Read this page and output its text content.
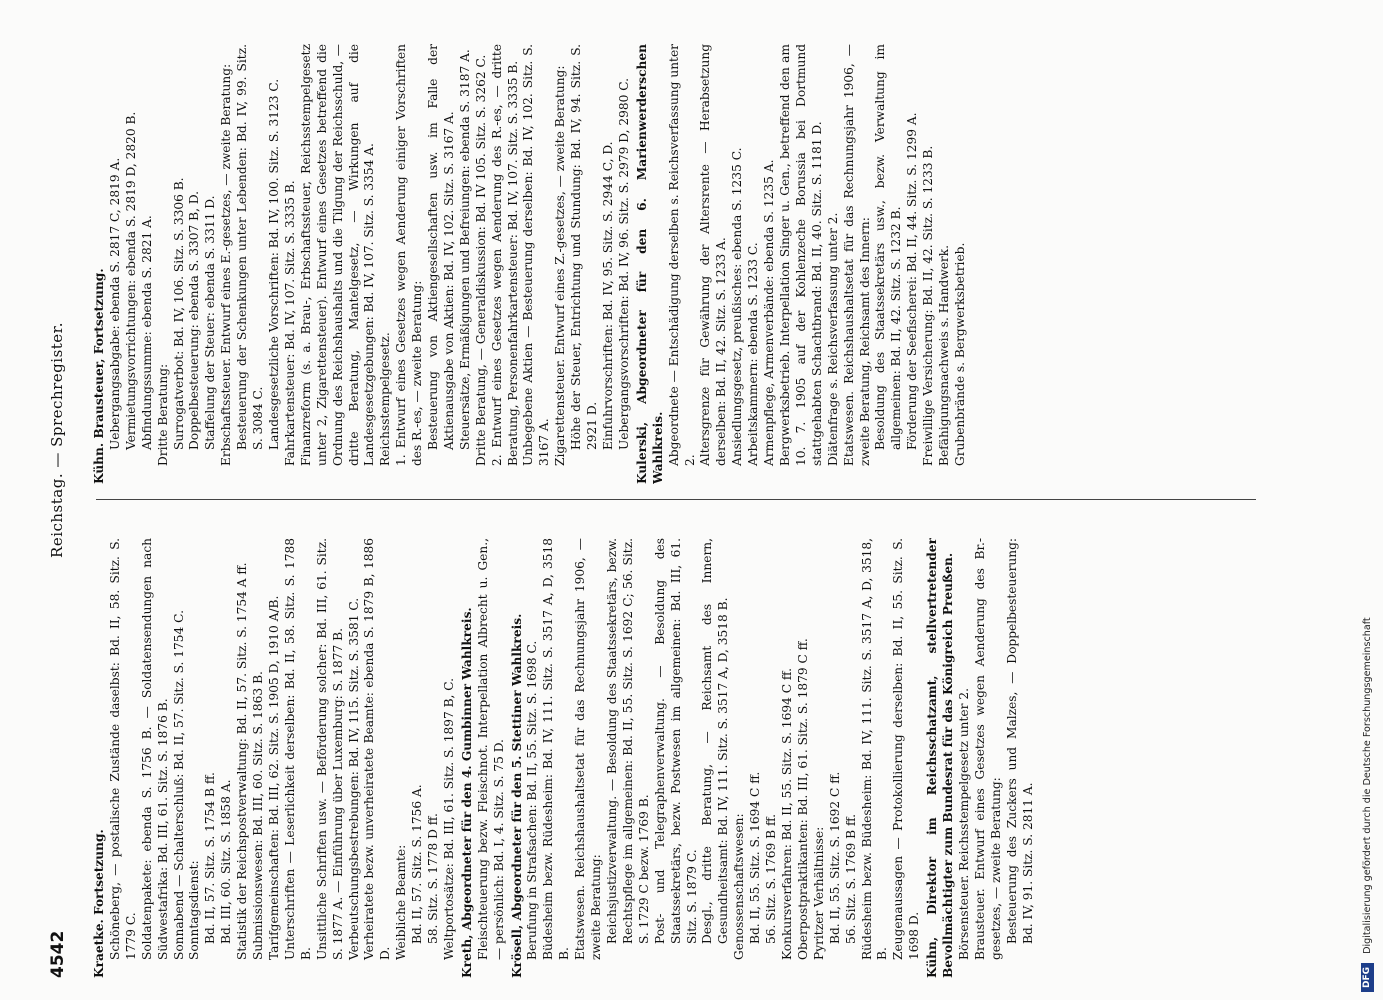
4542
Reichstag. — Sprechregister.

Kraetke. Fortsetzung. Schöneberg, — postalische Zustände daselbst: Bd. II, 58. Sitz. S. 1779 C. Soldatenpakete: ebenda S. 1756 B. — Soldatensendungen nach Südwestafrika: Bd. III, 61. Sitz. S. 1876 B. Sonnabend — Schalterschluß: Bd. II, 57. Sitz. S. 1754 C. Sonntagsdienst: Bd. II, 57. Sitz. S. 1754 B ff. Bd. III, 60. Sitz. S. 1858 A. Statistik der Reichspostverwaltung: Bd. II, 57. Sitz. S. 1754 A ff. Submissionswesen: Bd. III, 60. Sitz. S. 1863 B. Tarifgemeinschaften: Bd. III, 62. Sitz. S. 1905 D, 1910 A/B. Unterschriften — Leserlichkeit derselben: Bd. II, 58. Sitz. S. 1788 B. Unsittliche Schriften usw. — Beförderung solcher: Bd. III, 61. Sitz. S. 1877 A. — Einführung über Luxemburg: S. 1877 B. Verbeutschungsbestrebungen: Bd. IV, 115. Sitz. S. 3581 C. Verheiratete bezw. unverheiratete Beamte: ebenda S. 1879 B, 1886 D. Weibliche Beamte: Bd. II, 57. Sitz. S. 1756 A. 58. Sitz. S. 1778 D ff. Weltportosätze: Bd. III, 61. Sitz. S. 1897 B, C. Kreth, Abgeordneter für den 4. Gumbinner Wahlkreis. Fleischteuerung bezw. Fleischnot. Interpellation Albrecht u. Gen., — persönlich: Bd. I, 4. Sitz. S. 75 D. Krösell, Abgeordneter für den 5. Stettiner Wahlkreis. Berufung in Strafsachen: Bd. II, 55. Sitz. S. 1698 C. Büdesheim bezw. Rüdesheim: Bd. IV, 111. Sitz. S. 3517 A, D, 3518 B. Etatswesen. Reichshaushaltsetat für das Rechnungsjahr 1906, — zweite Beratung: Reichsjustizverwaltung. — Besoldung des Staatssekretärs, bezw. Rechtspflege im allgemeinen: Bd. II, 55. Sitz. S. 1692 C; 56. Sitz. S. 1729 C bezw. 1769 B. Post- und Telegraphenverwaltung. — Besoldung des Staatssekretärs, bezw. Postwesen im allgemeinen: Bd. III, 61. Sitz. S. 1879 C. Desgl., dritte Beratung, — Reichsamt des Innern, Gesundheitsamt: Bd. IV, 111. Sitz. S. 3517 A, D, 3518 B. Genossenschaftswesen: Bd. II, 55. Sitz. S. 1694 C ff. 56. Sitz. S. 1769 B ff. Konkursverfahren: Bd. II, 55. Sitz. S. 1694 C ff. Oberpostpraktikanten: Bd. III, 61. Sitz. S. 1879 C ff. Pyritzer Verhältnisse: Bd. II, 55. Sitz. S. 1692 C ff. 56. Sitz. S. 1769 B ff. Rüdesheim bezw. Büdesheim: Bd. IV, 111. Sitz. S. 3517 A, D, 3518, B. Zeugenaussagen — Protokollierung derselben: Bd. II, 55. Sitz. S. 1698 D. Kühn, Direktor im Reichsschatzamt, stellvertretender Bevollmächtigter zum Bundesrat für das Königreich Preußen. Börsensteuer. Reichsstempelgesetz unter 2. Brausteuer. Entwurf eines Gesetzes wegen Aenderung des Br.-gesetzes, — zweite Beratung: Besteuerung des Zuckers und Malzes, — Doppelbesteuerung: Bd. IV, 91. Sitz. S. 2811 A.

Kühn. Brausteuer, Fortsetzung. Uebergangsabgabe: ebenda S. 2817 C, 2819 A. Vermietungsvorrichtungen: ebenda S. 2819 D, 2820 B. Abfindungssumme: ebenda S. 2821 A. Dritte Beratung: Surrogatverbot: Bd. IV, 106. Sitz. S. 3306 B. Doppelbesteuerung: ebenda S. 3307 B, D. Staffelung der Steuer: ebenda S. 3311 D. Erbschaftssteuer. Entwurf eines E.-gesetzes, — zweite Beratung: Besteuerung der Schenkungen unter Lebenden: Bd. IV, 99. Sitz. S. 3084 C. Landesgesetzliche Vorschriften: Bd. IV, 100. Sitz. S. 3123 C. Fahrkartensteuer: Bd. IV, 107. Sitz. S. 3335 B. Finanzreform (s. a. Brau-, Erbschaftssteuer, Reichsstempelgesetz unter 2, Zigarettensteuer). Entwurf eines Gesetzes betreffend die Ordnung des Reichshaushalts und die Tilgung der Reichsschuld, — dritte Beratung, Mantelgesetz, — Wirkungen auf die Landesgesetzgebungen: Bd. IV, 107. Sitz. S. 3354 A. Reichsstempelgesetz. 1. Entwurf eines Gesetzes wegen Aenderung einiger Vorschriften des R.-es, — zweite Beratung: Besteuerung von Aktiengesellschaften usw. im Falle der Aktienausgabe von Aktien: Bd. IV, 102. Sitz. S. 3167 A. Steuersätze, Ermäßigungen und Befreiungen: ebenda S. 3187 A. Dritte Beratung, — Generaldiskussion: Bd. IV 105. Sitz. S. 3262 C. 2. Entwurf eines Gesetzes wegen Aenderung des R.-es, — dritte Beratung, Personenfahrkartensteuer: Bd. IV, 107. Sitz. S. 3335 B. Unbegebene Aktien — Besteuerung derselben: Bd. IV, 102. Sitz. S. 3167 A. Zigarettensteuer. Entwurf eines Z.-gesetzes, — zweite Beratung: Höhe der Steuer, Entrichtung und Stundung: Bd. IV, 94. Sitz. S. 2921 D. Einfuhrvorschriften: Bd. IV, 95. Sitz. S. 2944 C, D. Uebergangsvorschriften: Bd. IV, 96. Sitz. S. 2979 D, 2980 C. Kulerski, Abgeordneter für den 6. Marienwerderschen Wahlkreis. Abgeordnete — Entschädigung derselben s. Reichsverfassung unter 2. Altersgrenze für Gewährung der Altersrente — Herabsetzung derselben: Bd. II, 42. Sitz. S. 1233 A. Ansiedlungsgesetz, preußisches: ebenda S. 1235 C. Arbeitskammern: ebenda S. 1233 C. Armenpflege, Armenverbände: ebenda S. 1235 A. Bergwerksbetrieb. Interpellation Singer u. Gen., betreffend den am 10. 7. 1905 auf der Kohlenzeche Borussia bei Dortmund stattgehabten Schachtbrand: Bd. II, 40. Sitz. S. 1181 D. Diätenfrage s. Reichsverfassung unter 2. Etatswesen. Reichshaushaltsetat für das Rechnungsjahr 1906, — zweite Beratung, Reichsamt des Innern: Besoldung des Staatssekretärs usw., bezw. Verwaltung im allgemeinen: Bd. II, 42. Sitz. S. 1232 B. Förderung der Seefischerei: Bd. II, 44. Sitz. S. 1299 A. Freiwillige Versicherung: Bd. II, 42. Sitz. S. 1233 B. Befähigungsnachweis s. Handwerk. Grubenbrände s. Bergwerksbetrieb.

DFG Digitalisierung gefördert durch die Deutsche Forschungsgemeinschaft
